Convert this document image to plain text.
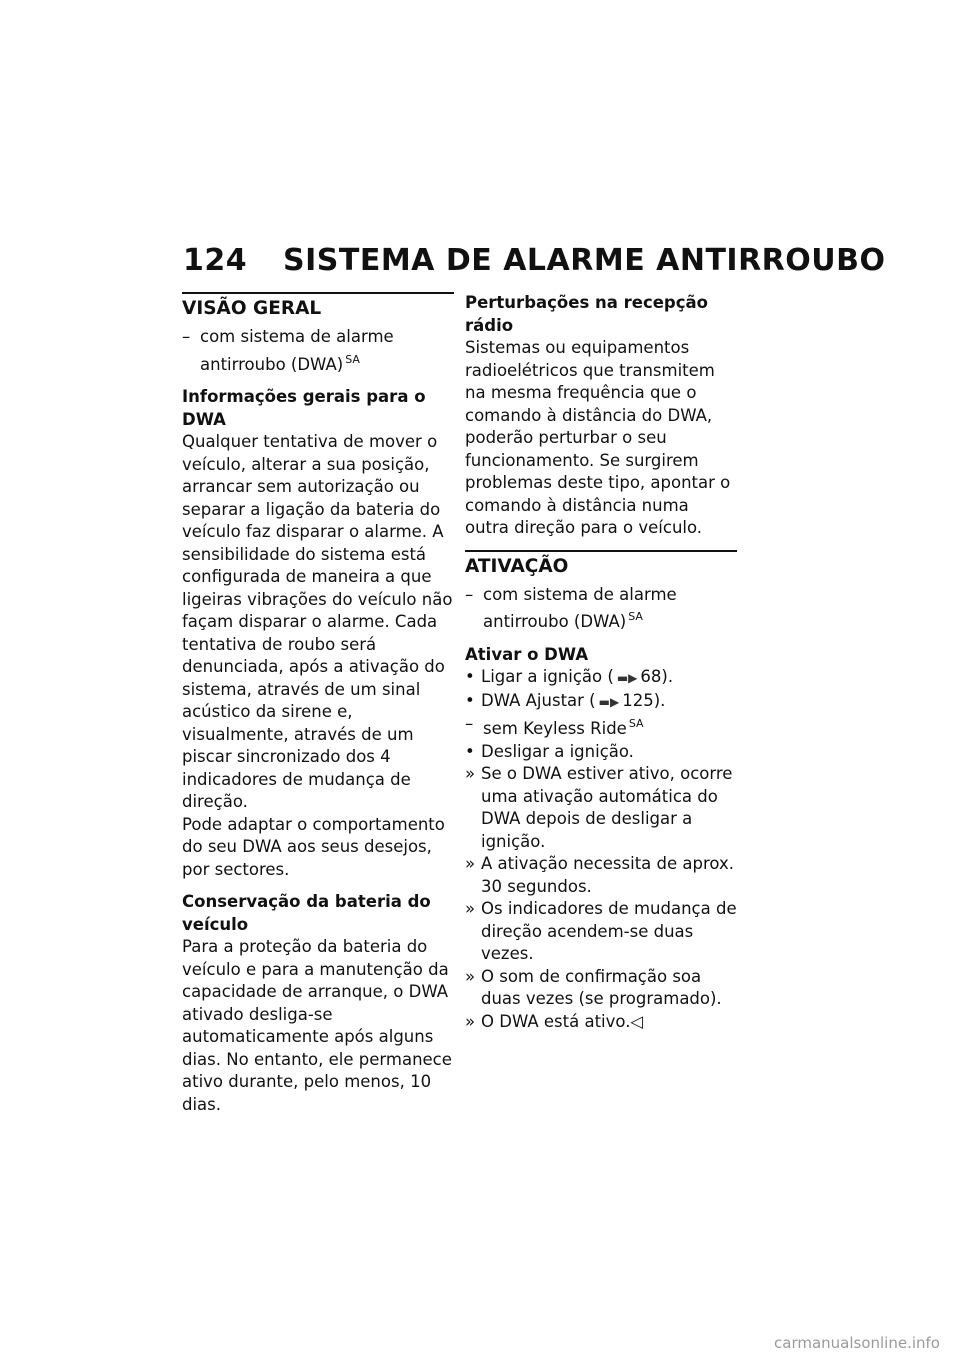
124 SISTEMA DE ALARME ANTIRROUBO
VISÃO GERAL
– com sistema de alarme antirroubo (DWA) $^{SA}$
Informações gerais para o DWA

Qualquer tentativa de mover o veículo, alterar a sua posição, arrancar sem autorização ou separar a ligação da bateria do veículo faz disparar o alarme. A sensibilidade do sistema está configurada de maneira a que ligeiras vibrações do veículo não façam disparar o alarme. Cada tentativa de roubo será denunciada, após a ativação do sistema, através de um sinal acústico da sirene e, visualmente, através de um piscar sincronizado dos 4 indicadores de mudança de direção.

Pode adaptar o comportamento do seu DWA aos seus desejos, por sectores.

Conservação da bateria do veículo

Para a proteção da bateria do veículo e para a manutenção da capacidade de arranque, o DWA ativado desliga-se automaticamente após alguns dias. No entanto, ele permanece ativo durante, pelo menos, 10 dias.

Perturbações na recepção rádio

Sistemas ou equipamentos radioelétricos que transmitem na mesma frequência que o comando à distância do DWA, poderão perturbar o seu funcionamento. Se surgirem problemas deste tipo, apontar o comando à distância numa outra direção para o veículo.

ATIVAÇÃO
– com sistema de alarme antirroubo (DWA) $^{SA}$
Ativar o DWA
• Ligar a ignição ( ▬▶ 68).
• DWA Ajustar ( ▬▶ 125).
– sem Keyless Ride $^{SA}$
• Desligar a ignição.
» Se o DWA estiver ativo, ocorre uma ativação automática do DWA depois de desligar a ignição.
» A ativação necessita de aprox. 30 segundos.
» Os indicadores de mudança de direção acendem-se duas vezes.
» O som de confirmação soa duas vezes (se programado).
» O DWA está ativo.◁
carmanualsonline.info
